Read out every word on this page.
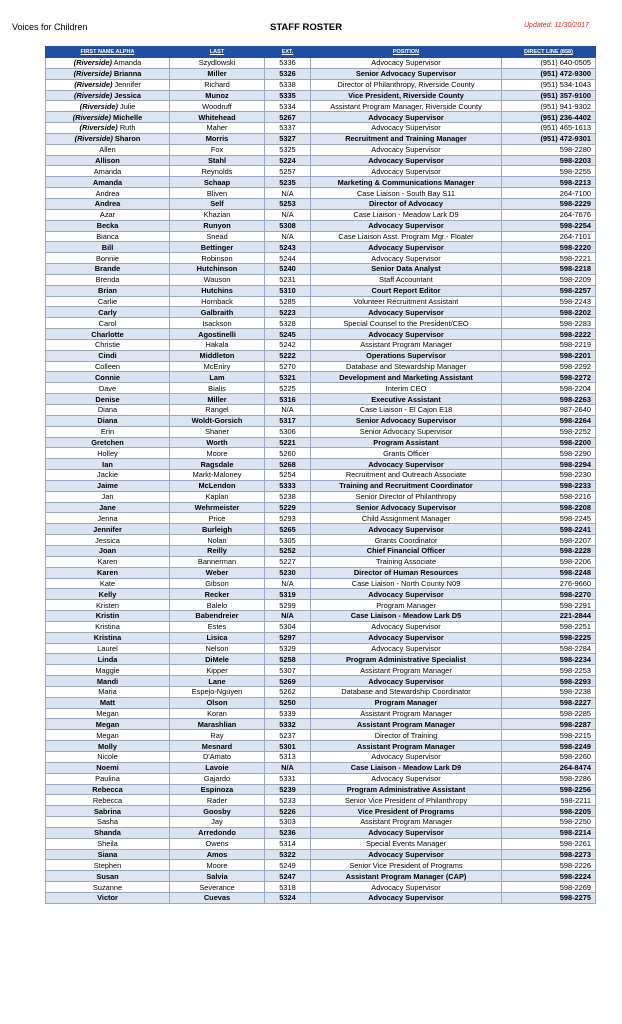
Voices for Children	STAFF ROSTER	Updated: 11/30/2017
FIRST NAME ALPHA	LAST	EXT.	POSITION	DIRECT LINE (858)
(Riverside) Amanda	Szydlowski	5336	Advocacy Supervisor	(951) 640-0505
(Riverside) Brianna	Miller	5326	Senior Advocacy Supervisor	(951) 472-9300
(Riverside) Jennifer	Richard	5338	Director of Philanthropy, Riverside County	(951) 534-1043
(Riverside) Jessica	Munoz	5335	Vice President, Riverside County	(951) 357-9100
(Riverside) Julie	Woodruff	5334	Assistant Program Manager, Riverside County	(951) 941-9302
(Riverside) Michelle	Whitehead	5267	Advocacy Supervisor	(951) 236-4402
(Riverside) Ruth	Maher	5337	Advocacy Supervisor	(951) 465-1613
(Riverside) Sharon	Morris	5327	Recruitment and Training Manager	(951) 472-9301
Allen	Fox	5325	Advocacy Supervisor	598-2280
Allison	Stahl	5224	Advocacy Supervisor	598-2203
Amanda	Reynolds	5257	Advocacy Supervisor	598-2255
Amanda	Schaap	5235	Marketing & Communications Manager	598-2213
Andrea	Bliven	N/A	Case Liaison - South Bay S11	264-7100
Andrea	Self	5253	Director of Advocacy	598-2229
Azar	Khazian	N/A	Case Liaison - Meadow Lark D9	264-7676
Becka	Runyon	5308	Advocacy Supervisor	598-2254
Bianca	Snead	N/A	Case Liaison Asst. Program Mgr.- Floater	264-7101
Bill	Bettinger	5243	Advocacy Supervisor	598-2220
Bonnie	Robinson	5244	Advocacy Supervisor	598-2221
Brande	Hutchinson	5240	Senior Data Analyst	598-2218
Brenda	Wauson	5231	Staff Accountant	598-2209
Brian	Hutchins	5310	Court Report Editor	598-2257
Carlie	Hornback	5285	Volunteer Recruitment Assistant	598-2243
Carly	Galbraith	5223	Advocacy Supervisor	598-2202
Carol	Isackson	5328	Special Counsel to the President/CEO	598-2283
Charlotte	Agostinelli	5245	Advocacy Supervisor	598-2222
Christie	Hakala	5242	Assistant Program Manager	598-2219
Cindi	Middleton	5222	Operations Supervisor	598-2201
Colleen	McEniry	5270	Database and Stewardship Manager	598-2292
Connie	Lam	5321	Development and Marketing Assistant	598-2272
Dave	Bialis	5225	Interim CEO	598-2204
Denise	Miller	5316	Executive Assistant	598-2263
Diana	Rangel	N/A	Case Liaison - El Cajon E18	987-2640
Diana	Woldt-Gorsich	5317	Senior Advocacy Supervisor	598-2264
Erin	Shaner	5306	Senior Advocacy Supervisor	598-2252
Gretchen	Worth	5221	Program Assistant	598-2200
Holley	Moore	5260	Grants Officer	598-2290
Ian	Ragsdale	5268	Advocacy Supervisor	598-2294
Jackie	Markt-Maloney	5254	Recruitment and Outreach Associate	598-2230
Jaime	McLendon	5333	Training and Recruitment Coordinator	598-2233
Jan	Kaplan	5238	Senior Director of Philanthropy	598-2216
Jane	Wehrmeister	5229	Senior Advocacy Supervisor	598-2208
Jenna	Price	5293	Child Assignment Manager	598-2245
Jennifer	Burleigh	5265	Advocacy Supervisor	598-2241
Jessica	Nolan	5305	Grants Coordinator	598-2207
Joan	Reilly	5252	Chief Financial Officer	598-2228
Karen	Bannerman	5227	Training Associate	598-2206
Karen	Weber	5230	Director of Human Resources	598-2248
Kate	Gibson	N/A	Case Liaison - North County N09	276-9660
Kelly	Recker	5319	Advocacy Supervisor	598-2270
Kristen	Balelo	5299	Program Manager	598-2291
Kristin	Babendreier	N/A	Case Liaison - Meadow Lark D5	221-2844
Kristina	Estes	5304	Advocacy Supervisor	598-2251
Kristina	Lisica	5297	Advocacy Supervisor	598-2225
Laurel	Nelson	5329	Advocacy Supervisor	598-2284
Linda	DiMele	5258	Program Administrative Specialist	598-2234
Maggie	Kipper	5307	Assistant Program Manager	598-2253
Mandi	Lane	5269	Advocacy Supervisor	598-2293
Maria	Espejo-Nguyen	5262	Database and Stewardship Coordinator	598-2238
Matt	Olson	5250	Program Manager	598-2227
Megan	Koran	5339	Assistant Program Manager	598-2285
Megan	Marashlian	5332	Assistant Program Manager	598-2287
Megan	Ray	5237	Director of Training	598-2215
Molly	Mesnard	5301	Assistant Program Manager	598-2249
Nicole	D'Amato	5313	Advocacy Supervisor	598-2260
Noemi	Lavoie	N/A	Case Liaison - Meadow Lark D9	264-8474
Paulina	Gajardo	5331	Advocacy Supervisor	598-2286
Rebecca	Espinoza	5239	Program Administrative Assistant	598-2256
Rebecca	Rader	5233	Senior Vice President of Philanthropy	598-2211
Sabrina	Goosby	5226	Vice President of Programs	598-2205
Sasha	Jay	5303	Assistant Program Manager	598-2250
Shanda	Arredondo	5236	Advocacy Supervisor	598-2214
Sheila	Owens	5314	Special Events Manager	598-2261
Siana	Amos	5322	Advocacy Supervisor	598-2273
Stephen	Moore	5249	Senior Vice President of Programs	598-2226
Susan	Salvia	5247	Assistant Program Manager (CAP)	598-2224
Suzanne	Severance	5318	Advocacy Supervisor	598-2269
Victor	Cuevas	5324	Advocacy Supervisor	598-2275
